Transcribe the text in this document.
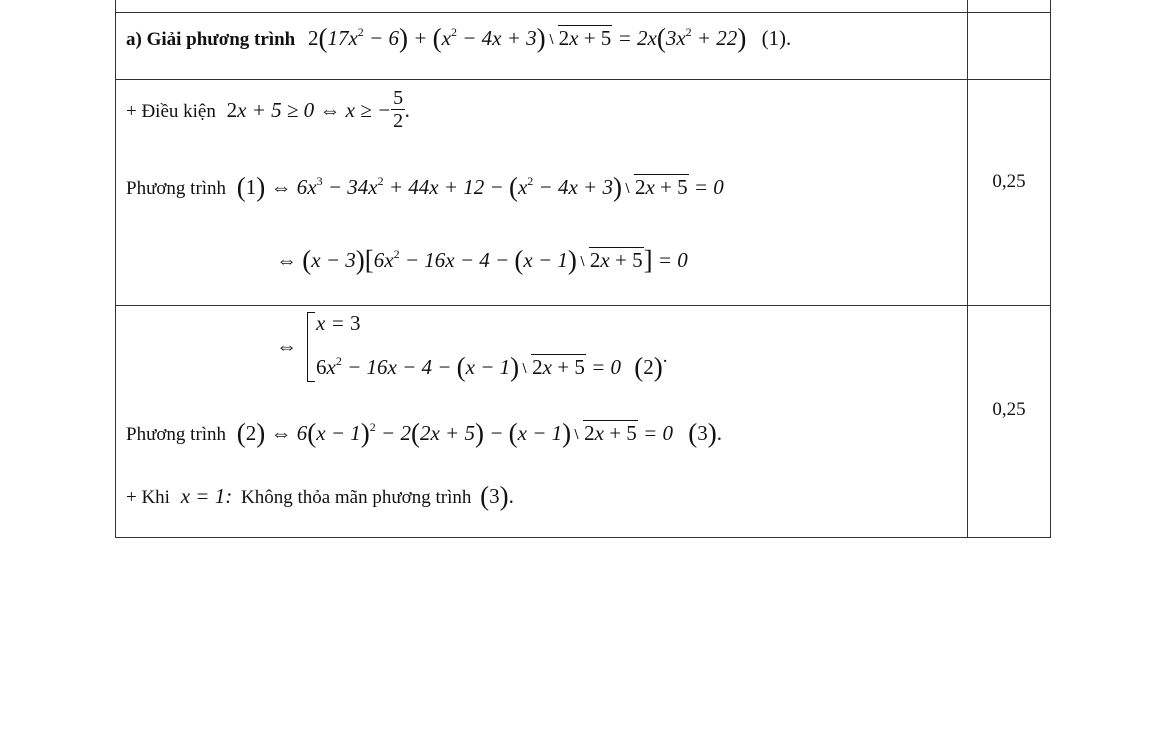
a) Giải phương trình $2(17x^2 - 6) + (x^2 - 4x + 3) 2x + 5 = 2x(3x^2 + 22)$ (1).
+ Điều kiện 2x + 5 ≥ 0 ⇔ x ≥ − $\frac{5}{2}$ .
Phương trình (1) ⇔ $6x^3 - 34x^2 + 44x + 12 - (x^2 - 4x + 3) 2x + 5 = 0$
⇔ $(x - 3)[6x^2 - 16x - 4 - (x - 1)$ 2x + 5] = 0
0,25
⇔
x = 3
$6x^2 - 16x - 4 - (x - 1) 2x + 5 = 0$ (2).
Phương trình (2) ⇔ $6(x - 1)^2 - 2(2x + 5) - (x - 1)$ 2x + 5 = 0 (3).
+ Khi x = 1: Không thỏa mãn phương trình (3).
0,25
